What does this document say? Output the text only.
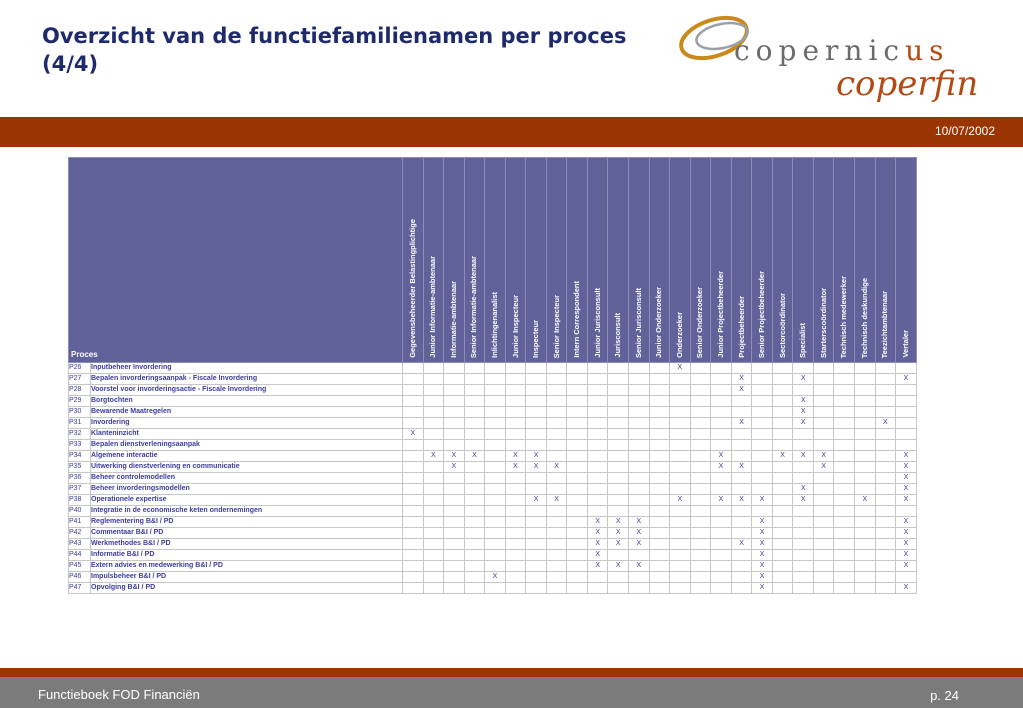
Overzicht van de functiefamilienamen per proces (4/4)	copernicus
coperfin
10/07/2002
Proces		Gegevensbeheerder Belastingplichtige	Junior Informatie-ambtenaar	Informatie-ambtenaar	Senior Informatie-ambtenaar	Inlichtingenanalist	Junior Inspecteur	Inspecteur	Senior Inspecteur	Intern Correspondent	Junior Jurisconsult	Jurisconsult	Senior Jurisconsult	Junior Onderzoeker	Onderzoeker	Senior Onderzoeker	Junior Projectbeheerder	Projectbeheerder	Senior Projectbeheerder	Sectorcoördinator	Specialist	Starterscoördinator	Technisch medewerker	Technisch deskundige	Teezichtambtenaar	Vertaler
P26	Inputbeheer Invordering														X											
P27	Bepalen invorderingsaanpak - Fiscale Invordering																	X			X					X
P28	Voorstel voor invorderingsactie - Fiscale Invordering																	X								
P29	Borgtochten																				X					
P30	Bewarende Maatregelen																				X					
P31	Invordering																	X			X				X	
P32	Klanteninzicht	X																								
P33	Bepalen dienstverleningsaanpak																									
P34	Algemene interactie		X	X	X		X	X									X			X	X	X				X
P35	Uitwerking dienstverlening en communicatie			X			X	X	X								X	X				X				X
P36	Beheer controlemodellen																									X
P37	Beheer invorderingsmodellen																				X					X
P38	Operationele expertise							X	X						X		X	X	X		X			X		X
P40	Integratie in de economische keten ondernemingen																									
P41	Reglementering B&I / PD										X	X	X						X							X
P42	Commentaar B&I / PD										X	X	X						X							X
P43	Werkmethodes B&I / PD										X	X	X					X	X							X
P44	Informatie B&I / PD										X								X							X
P45	Extern advies en medewerking B&I / PD										X	X	X						X							X
P46	Impulsbeheer B&I / PD					X													X							
P47	Opvolging B&I / PD																		X							X
Functieboek FOD Financiën	p. 24
